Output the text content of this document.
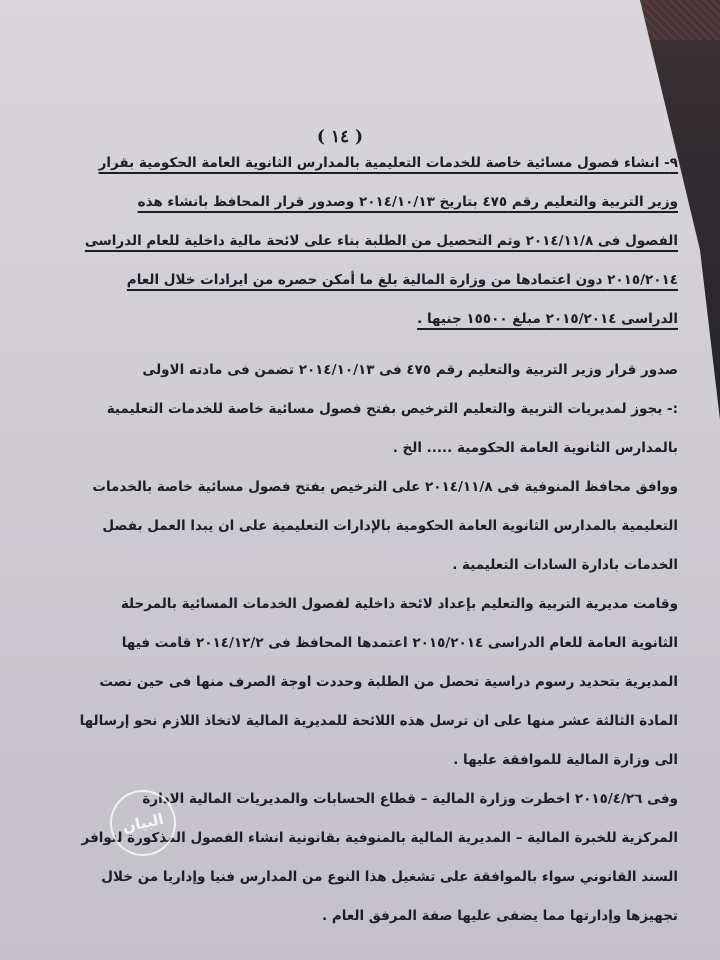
( ١٤ )
٩- انشاء فصول مسائية خاصة للخدمات التعليمية بالمدارس الثانوية العامة الحكومية بقرار
وزير التربية والتعليم رقم ٤٧٥ بتاريخ ٢٠١٤/١٠/١٣ وصدور قرار المحافظ بانشاء هذه
الفصول فى ٢٠١٤/١١/٨ وتم التحصيل من الطلبة بناء على لائحة مالية داخلية للعام الدراسى
٢٠١٥/٢٠١٤ دون اعتمادها من وزارة المالية بلغ ما أمكن حصره من ايرادات خلال العام
الدراسى ٢٠١٥/٢٠١٤ مبلغ ١٥٥٠٠ جنيها .
صدور قرار وزير التربية والتعليم رقم ٤٧٥ فى ٢٠١٤/١٠/١٣ تضمن فى مادته الاولى
:- يجوز لمديريات التربية والتعليم الترخيص بفتح فصول مسائية خاصة للخدمات التعليمية
بالمدارس الثانوية العامة الحكومية ..... الخ .
ووافق محافظ المنوفية فى ٢٠١٤/١١/٨ على الترخيص بفتح فصول مسائية خاصة بالخدمات
التعليمية بالمدارس الثانوية العامة الحكومية بالإدارات التعليمية على ان يبدا العمل بفصل
الخدمات بادارة السادات التعليمية .
وقامت مديرية التربية والتعليم بإعداد لائحة داخلية لفصول الخدمات المسائية بالمرحلة
الثانوية العامة للعام الدراسى ٢٠١٥/٢٠١٤ اعتمدها المحافظ فى ٢٠١٤/١٢/٢ قامت فيها
المديرية بتحديد رسوم دراسية تحصل من الطلبة وحددت اوجة الصرف منها فى حين نصت
المادة الثالثة عشر منها على ان ترسل هذه اللائحة للمديرية المالية لاتخاذ اللازم نحو إرسالها
الى وزارة المالية للموافقة عليها .
وفى ٢٠١٥/٤/٢٦ اخطرت وزارة المالية – قطاع الحسابات والمديريات المالية الادارة
المركزية للخبرة المالية – المديرية المالية بالمنوفية بقانونية انشاء الفصول المذكورة لتوافر
السند القانوني سواء بالموافقة على تشغيل هذا النوع من المدارس فنيا وإداريا من خلال
تجهيزها وإدارتها مما يضفى عليها صفة المرفق العام .
البيان
